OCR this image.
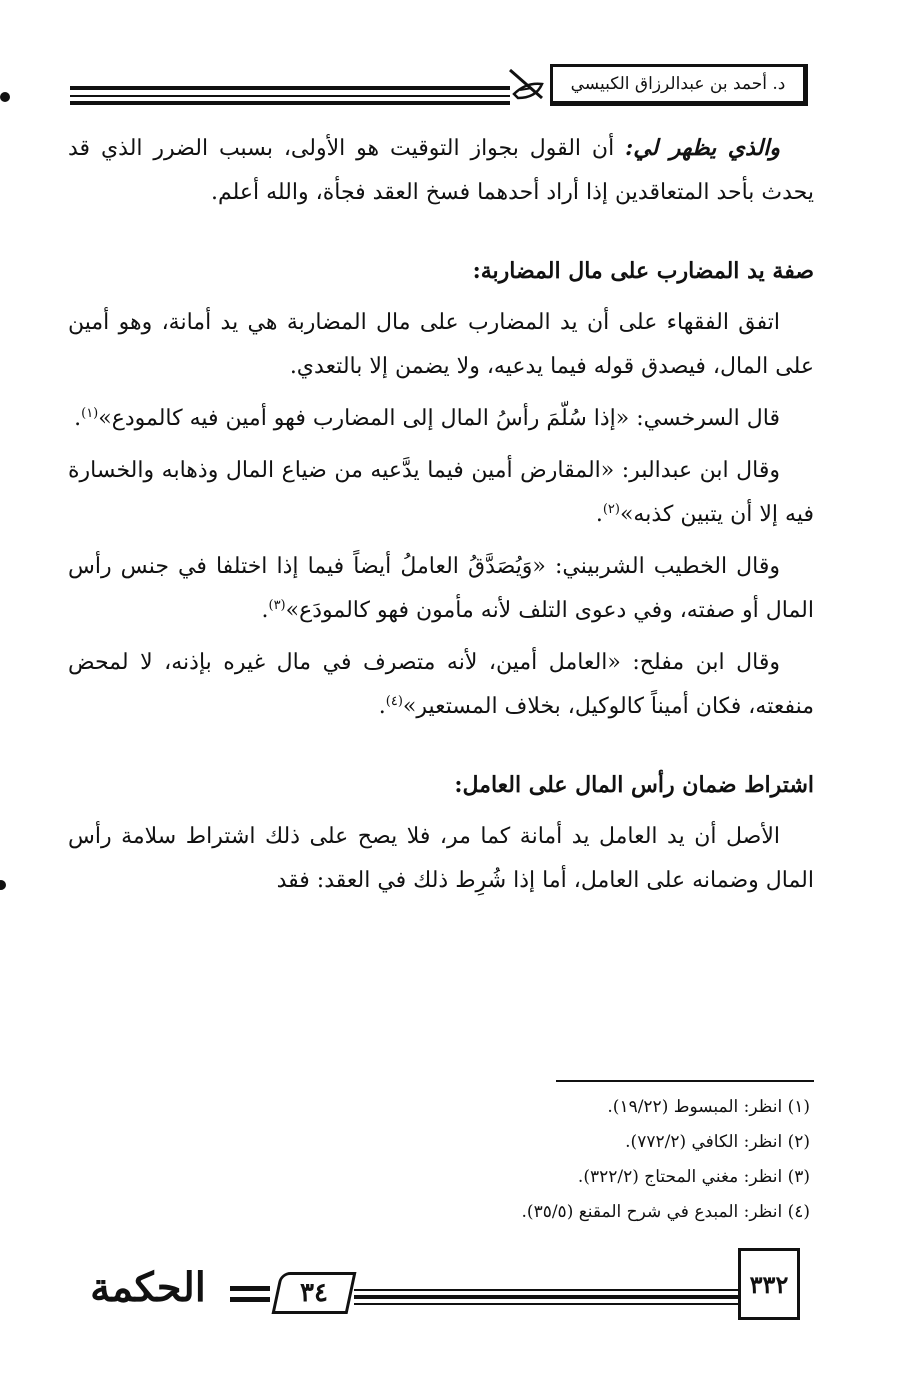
د. أحمد بن عبدالرزاق الكبيسي

والذي يظهر لي: أن القول بجواز التوقيت هو الأولى، بسبب الضرر الذي قد يحدث بأحد المتعاقدين إذا أراد أحدهما فسخ العقد فجأة، والله أعلم.

صفة يد المضارب على مال المضاربة:

اتفق الفقهاء على أن يد المضارب على مال المضاربة هي يد أمانة، وهو أمين على المال، فيصدق قوله فيما يدعيه، ولا يضمن إلا بالتعدي.

قال السرخسي: «إذا سُلّمَ رأسُ المال إلى المضارب فهو أمين فيه كالمودع»$^{(١)}$.

وقال ابن عبدالبر: «المقارض أمين فيما يدَّعيه من ضياع المال وذهابه والخسارة فيه إلا أن يتبين كذبه»$^{(٢)}$.

وقال الخطيب الشربيني: «وَيُصَدَّقُ العاملُ أيضاً فيما إذا اختلفا في جنس رأس المال أو صفته، وفي دعوى التلف لأنه مأمون فهو كالمودَع»$^{(٣)}$.

وقال ابن مفلح: «العامل أمين، لأنه متصرف في مال غيره بإذنه، لا لمحض منفعته، فكان أميناً كالوكيل، بخلاف المستعير»$^{(٤)}$.

اشتراط ضمان رأس المال على العامل:

الأصل أن يد العامل يد أمانة كما مر، فلا يصح على ذلك اشتراط سلامة رأس المال وضمانه على العامل، أما إذا شُرِط ذلك في العقد: فقد

(١) انظر: المبسوط (١٩/٢٢).
(٢) انظر: الكافي (٧٧٢/٢).
(٣) انظر: مغني المحتاج (٣٢٢/٢).
(٤) انظر: المبدع في شرح المقنع (٣٥/٥).
٣٣٢
٣٤
الحكمة
